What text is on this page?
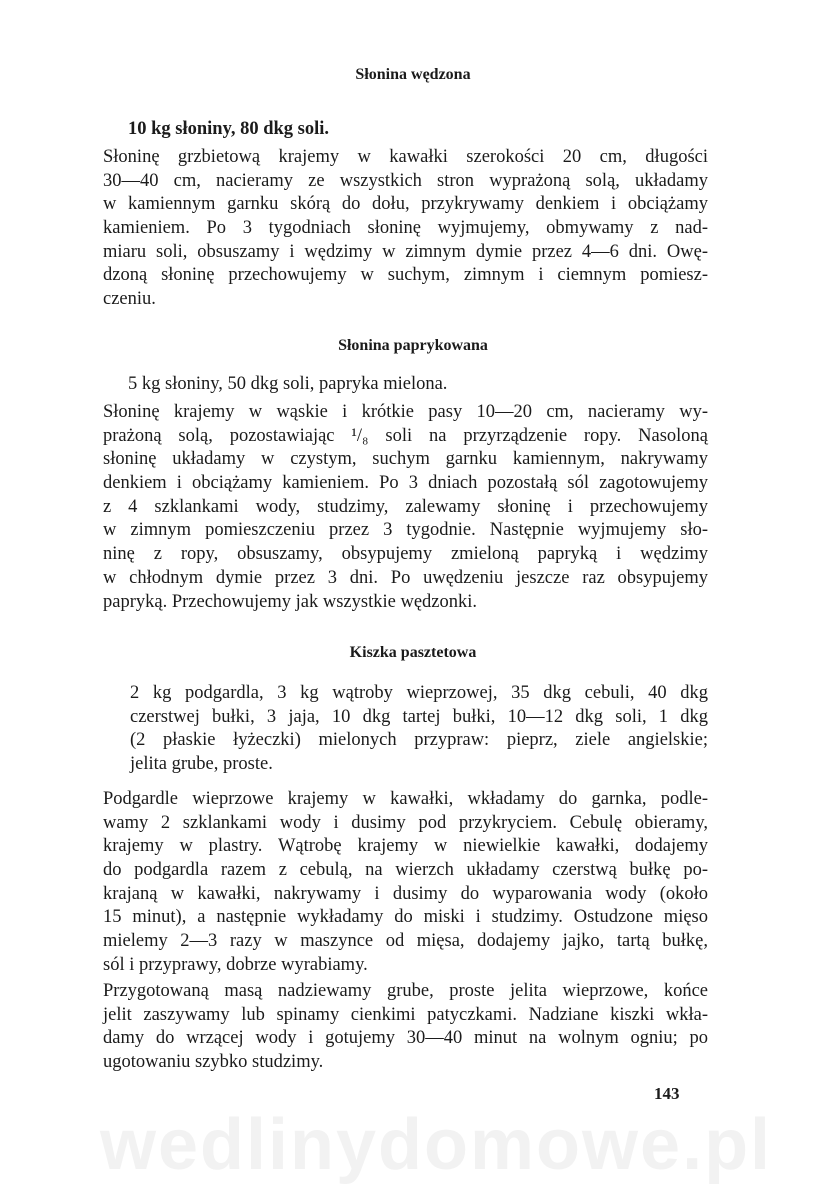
Słonina wędzona
10 kg słoniny, 80 dkg soli.
Słoninę grzbietową krajemy w kawałki szerokości 20 cm, długości
30—40 cm, nacieramy ze wszystkich stron wyprażoną solą, układamy
w kamiennym garnku skórą do dołu, przykrywamy denkiem i obciążamy
kamieniem. Po 3 tygodniach słoninę wyjmujemy, obmywamy z nad-
miaru soli, obsuszamy i wędzimy w zimnym dymie przez 4—6 dni. Owę-
dzoną słoninę przechowujemy w suchym, zimnym i ciemnym pomiesz-
czeniu.
Słonina paprykowana
5 kg słoniny, 50 dkg soli, papryka mielona.
Słoninę krajemy w wąskie i krótkie pasy 10—20 cm, nacieramy wy-
prażoną solą, pozostawiając ¹/₈ soli na przyrządzenie ropy. Nasoloną
słoninę układamy w czystym, suchym garnku kamiennym, nakrywamy
denkiem i obciążamy kamieniem. Po 3 dniach pozostałą sól zagotowujemy
z 4 szklankami wody, studzimy, zalewamy słoninę i przechowujemy
w zimnym pomieszczeniu przez 3 tygodnie. Następnie wyjmujemy sło-
ninę z ropy, obsuszamy, obsypujemy zmieloną papryką i wędzimy
w chłodnym dymie przez 3 dni. Po uwędzeniu jeszcze raz obsypujemy
papryką. Przechowujemy jak wszystkie wędzonki.
Kiszka pasztetowa
2 kg podgardla, 3 kg wątroby wieprzowej, 35 dkg cebuli, 40 dkg
czerstwej bułki, 3 jaja, 10 dkg tartej bułki, 10—12 dkg soli, 1 dkg
(2 płaskie łyżeczki) mielonych przypraw: pieprz, ziele angielskie;
jelita grube, proste.
Podgardle wieprzowe krajemy w kawałki, wkładamy do garnka, podle-
wamy 2 szklankami wody i dusimy pod przykryciem. Cebulę obieramy,
krajemy w plastry. Wątrobę krajemy w niewielkie kawałki, dodajemy
do podgardla razem z cebulą, na wierzch układamy czerstwą bułkę po-
krajaną w kawałki, nakrywamy i dusimy do wyparowania wody (około
15 minut), a następnie wykładamy do miski i studzimy. Ostudzone mięso
mielemy 2—3 razy w maszynce od mięsa, dodajemy jajko, tartą bułkę,
sól i przyprawy, dobrze wyrabiamy.
Przygotowaną masą nadziewamy grube, proste jelita wieprzowe, końce
jelit zaszywamy lub spinamy cienkimi patyczkami. Nadziane kiszki wkła-
damy do wrzącej wody i gotujemy 30—40 minut na wolnym ogniu; po
ugotowaniu szybko studzimy.
143
wedlinydomowe.pl
